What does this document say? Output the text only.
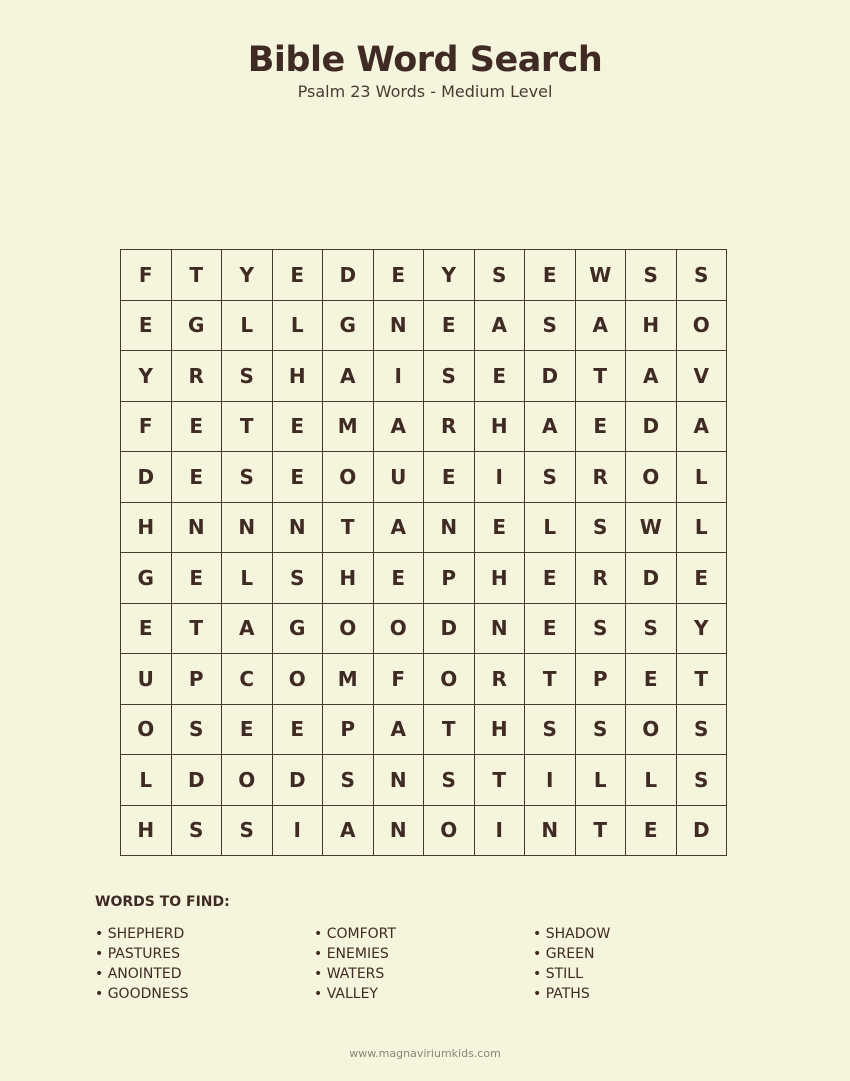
Bible Word Search
Psalm 23 Words - Medium Level
F	T	Y	E	D	E	Y	S	E	W	S	S
E	G	L	L	G	N	E	A	S	A	H	O
Y	R	S	H	A	I	S	E	D	T	A	V
F	E	T	E	M	A	R	H	A	E	D	A
D	E	S	E	O	U	E	I	S	R	O	L
H	N	N	N	T	A	N	E	L	S	W	L
G	E	L	S	H	E	P	H	E	R	D	E
E	T	A	G	O	O	D	N	E	S	S	Y
U	P	C	O	M	F	O	R	T	P	E	T
O	S	E	E	P	A	T	H	S	S	O	S
L	D	O	D	S	N	S	T	I	L	L	S
H	S	S	I	A	N	O	I	N	T	E	D
WORDS TO FIND:
• SHEPHERD
• PASTURES
• ANOINTED
• GOODNESS
• COMFORT
• ENEMIES
• WATERS
• VALLEY
• SHADOW
• GREEN
• STILL
• PATHS
www.magnaviriumkids.com
